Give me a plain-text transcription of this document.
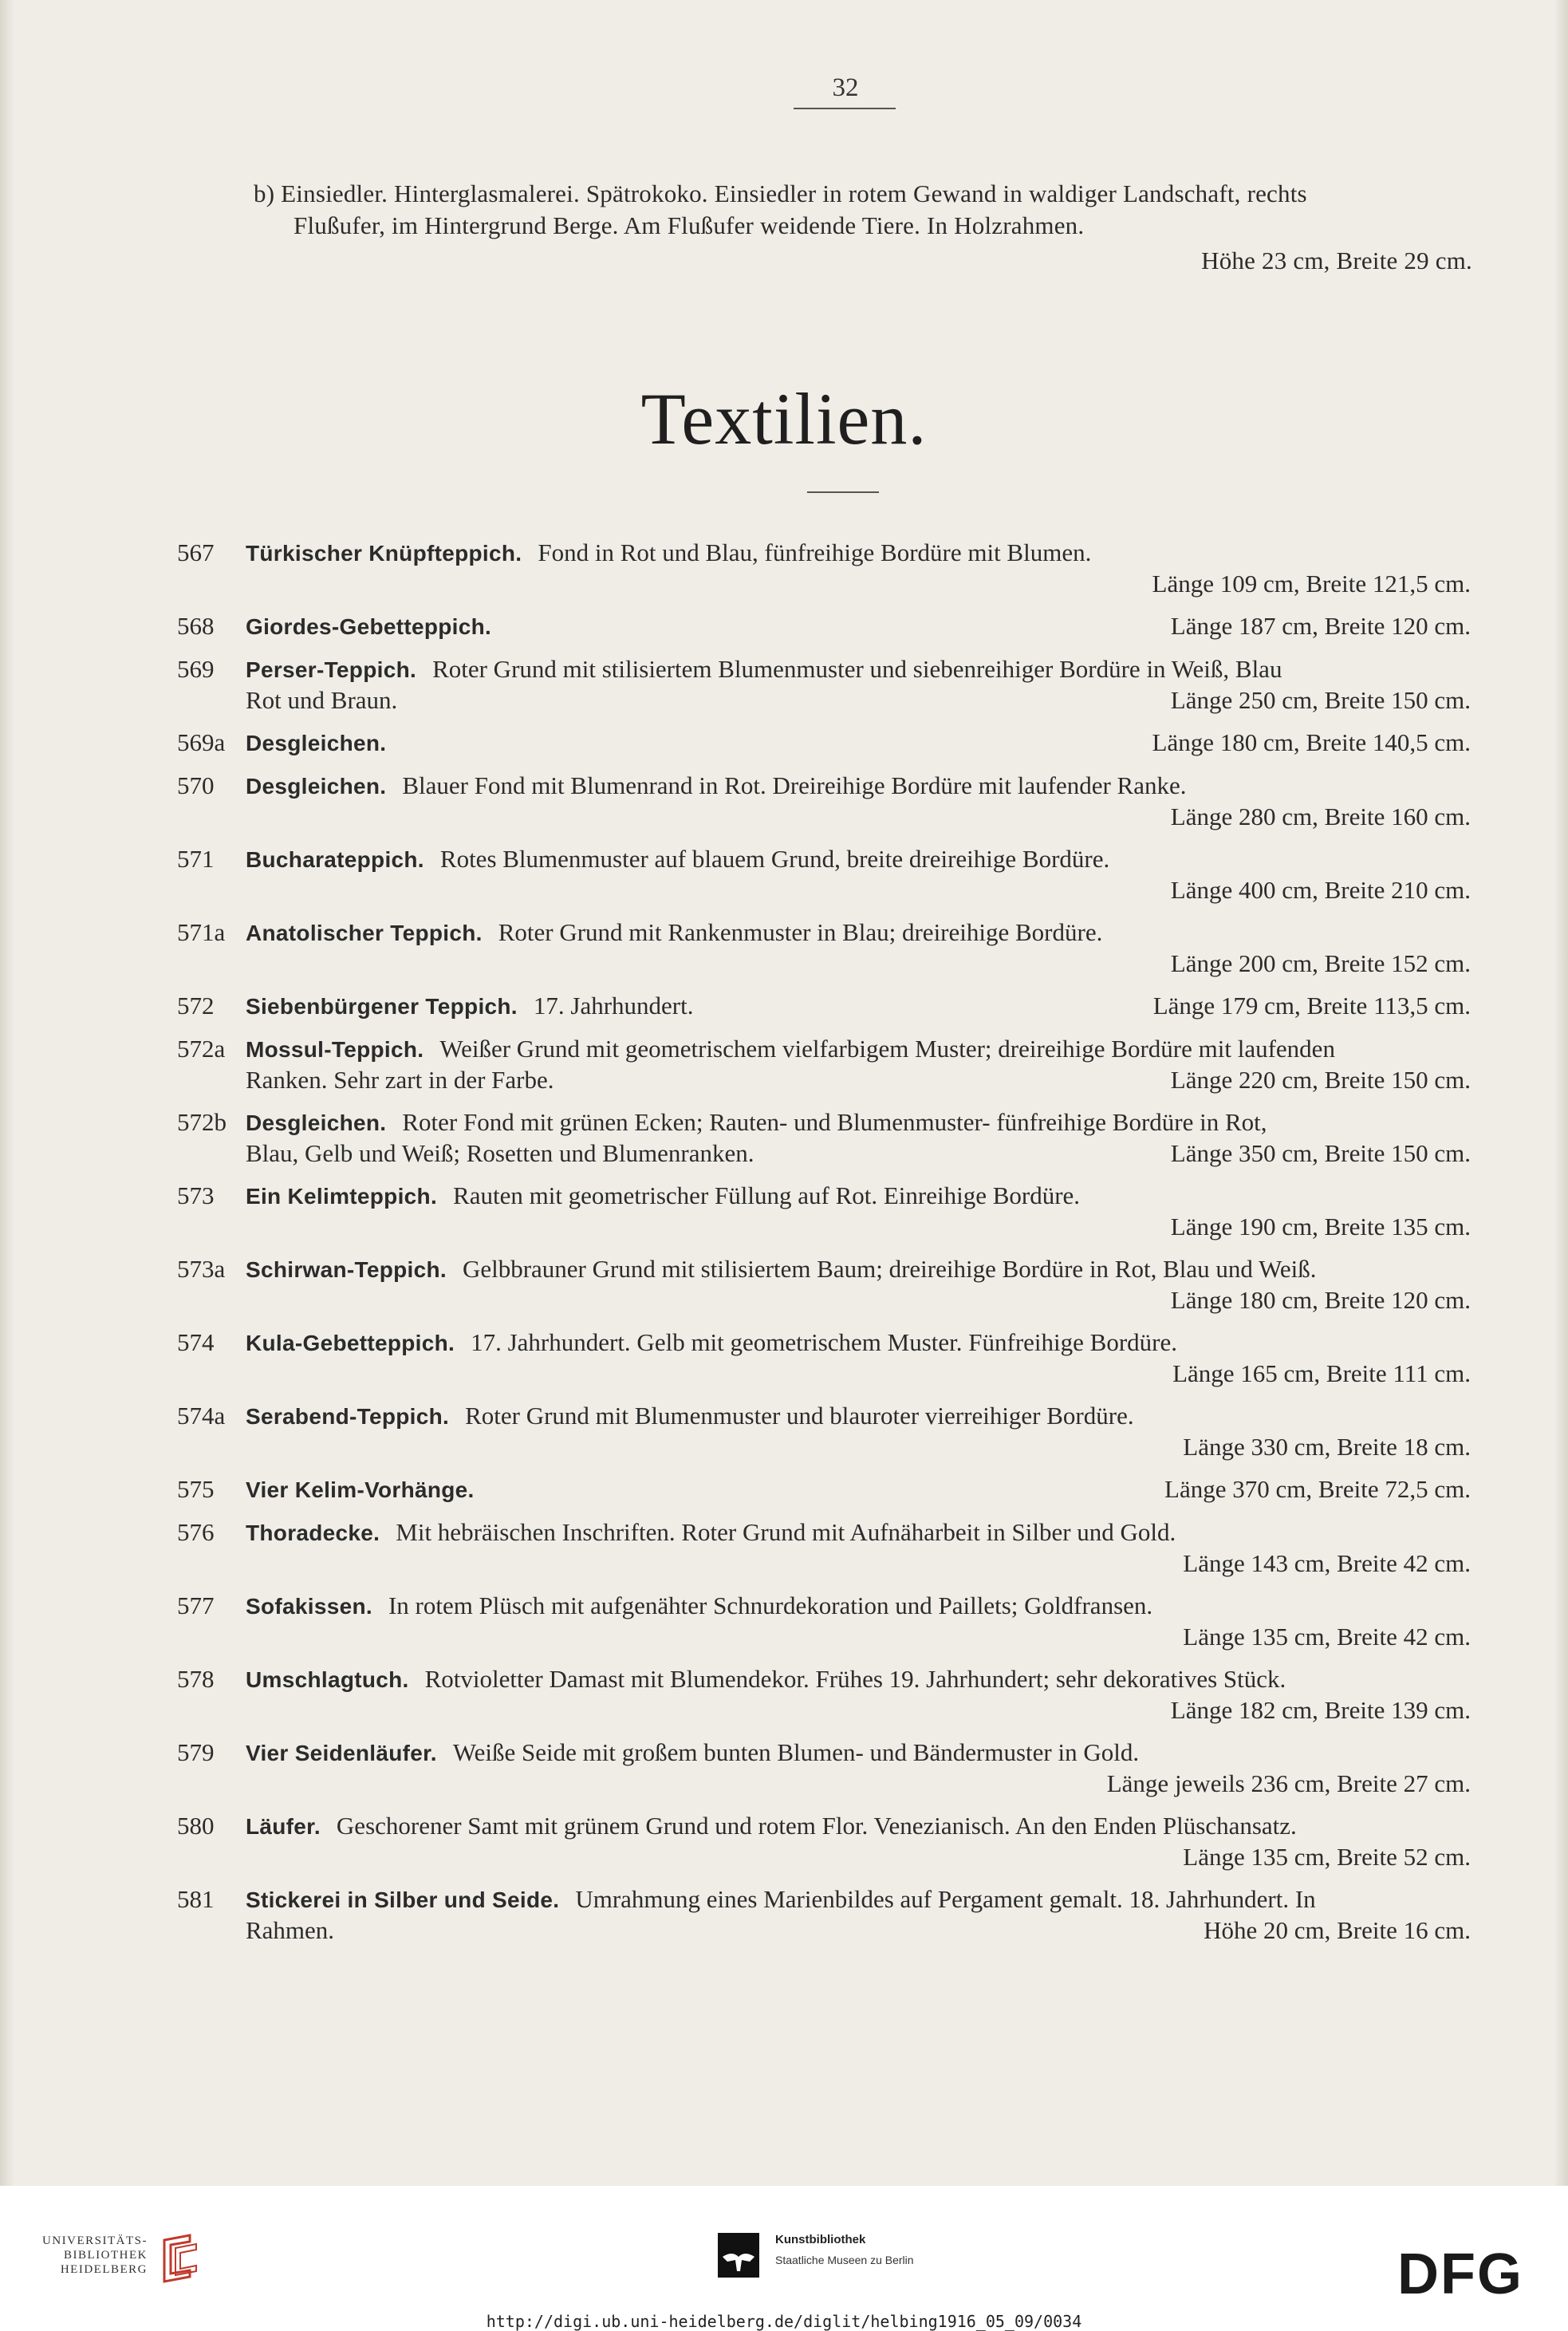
32
b) Einsiedler. Hinterglasmalerei. Spätrokoko. Einsiedler in rotem Gewand in waldiger Landschaft, rechts
Flußufer, im Hintergrund Berge. Am Flußufer weidende Tiere. In Holzrahmen.
Höhe 23 cm, Breite 29 cm.
Textilien.
567	Türkischer Knüpfteppich. Fond in Rot und Blau, fünfreihige Bordüre mit Blumen.
Länge 109 cm, Breite 121,5 cm.
568	Giordes-Gebetteppich.	Länge 187 cm, Breite 120 cm.
569	Perser-Teppich. Roter Grund mit stilisiertem Blumenmuster und siebenreihiger Bordüre in Weiß, Blau
Rot und Braun.	Länge 250 cm, Breite 150 cm.
569a Desgleichen.	Länge 180 cm, Breite 140,5 cm.
570	Desgleichen. Blauer Fond mit Blumenrand in Rot. Dreireihige Bordüre mit laufender Ranke.
Länge 280 cm, Breite 160 cm.
571	Bucharateppich. Rotes Blumenmuster auf blauem Grund, breite dreireihige Bordüre.
Länge 400 cm, Breite 210 cm.
571a Anatolischer Teppich. Roter Grund mit Rankenmuster in Blau; dreireihige Bordüre.
Länge 200 cm, Breite 152 cm.
572	Siebenbürgener Teppich. 17. Jahrhundert.	Länge 179 cm, Breite 113,5 cm.
572a Mossul-Teppich. Weißer Grund mit geometrischem vielfarbigem Muster; dreireihige Bordüre mit laufenden
Ranken. Sehr zart in der Farbe.	Länge 220 cm, Breite 150 cm.
572b Desgleichen. Roter Fond mit grünen Ecken; Rauten- und Blumenmuster- fünfreihige Bordüre in Rot,
Blau, Gelb und Weiß; Rosetten und Blumenranken.	Länge 350 cm, Breite 150 cm.
573	Ein Kelimteppich. Rauten mit geometrischer Füllung auf Rot. Einreihige Bordüre.
Länge 190 cm, Breite 135 cm.
573a Schirwan-Teppich. Gelbbrauner Grund mit stilisiertem Baum; dreireihige Bordüre in Rot, Blau und Weiß.
Länge 180 cm, Breite 120 cm.
574	Kula-Gebetteppich. 17. Jahrhundert. Gelb mit geometrischem Muster. Fünfreihige Bordüre.
Länge 165 cm, Breite 111 cm.
574a Serabend-Teppich. Roter Grund mit Blumenmuster und blauroter vierreihiger Bordüre.
Länge 330 cm, Breite 18 cm.
575	Vier Kelim-Vorhänge.	Länge 370 cm, Breite 72,5 cm.
576	Thoradecke. Mit hebräischen Inschriften. Roter Grund mit Aufnäharbeit in Silber und Gold.
Länge 143 cm, Breite 42 cm.
577	Sofakissen. In rotem Plüsch mit aufgenähter Schnurdekoration und Paillets; Goldfransen.
Länge 135 cm, Breite 42 cm.
578	Umschlagtuch. Rotvioletter Damast mit Blumendekor. Frühes 19. Jahrhundert; sehr dekoratives Stück.
Länge 182 cm, Breite 139 cm.
579	Vier Seidenläufer. Weiße Seide mit großem bunten Blumen- und Bändermuster in Gold.
Länge jeweils 236 cm, Breite 27 cm.
580	Läufer. Geschorener Samt mit grünem Grund und rotem Flor. Venezianisch. An den Enden Plüschansatz.
Länge 135 cm, Breite 52 cm.
581	Stickerei in Silber und Seide. Umrahmung eines Marienbildes auf Pergament gemalt. 18. Jahrhundert. In
Rahmen.	Höhe 20 cm, Breite 16 cm.
UNIVERSITÄTS-
BIBLIOTHEK
HEIDELBERG
Kunstbibliothek
Staatliche Museen zu Berlin	DFG
http://digi.ub.uni-heidelberg.de/diglit/helbing1916_05_09/0034
